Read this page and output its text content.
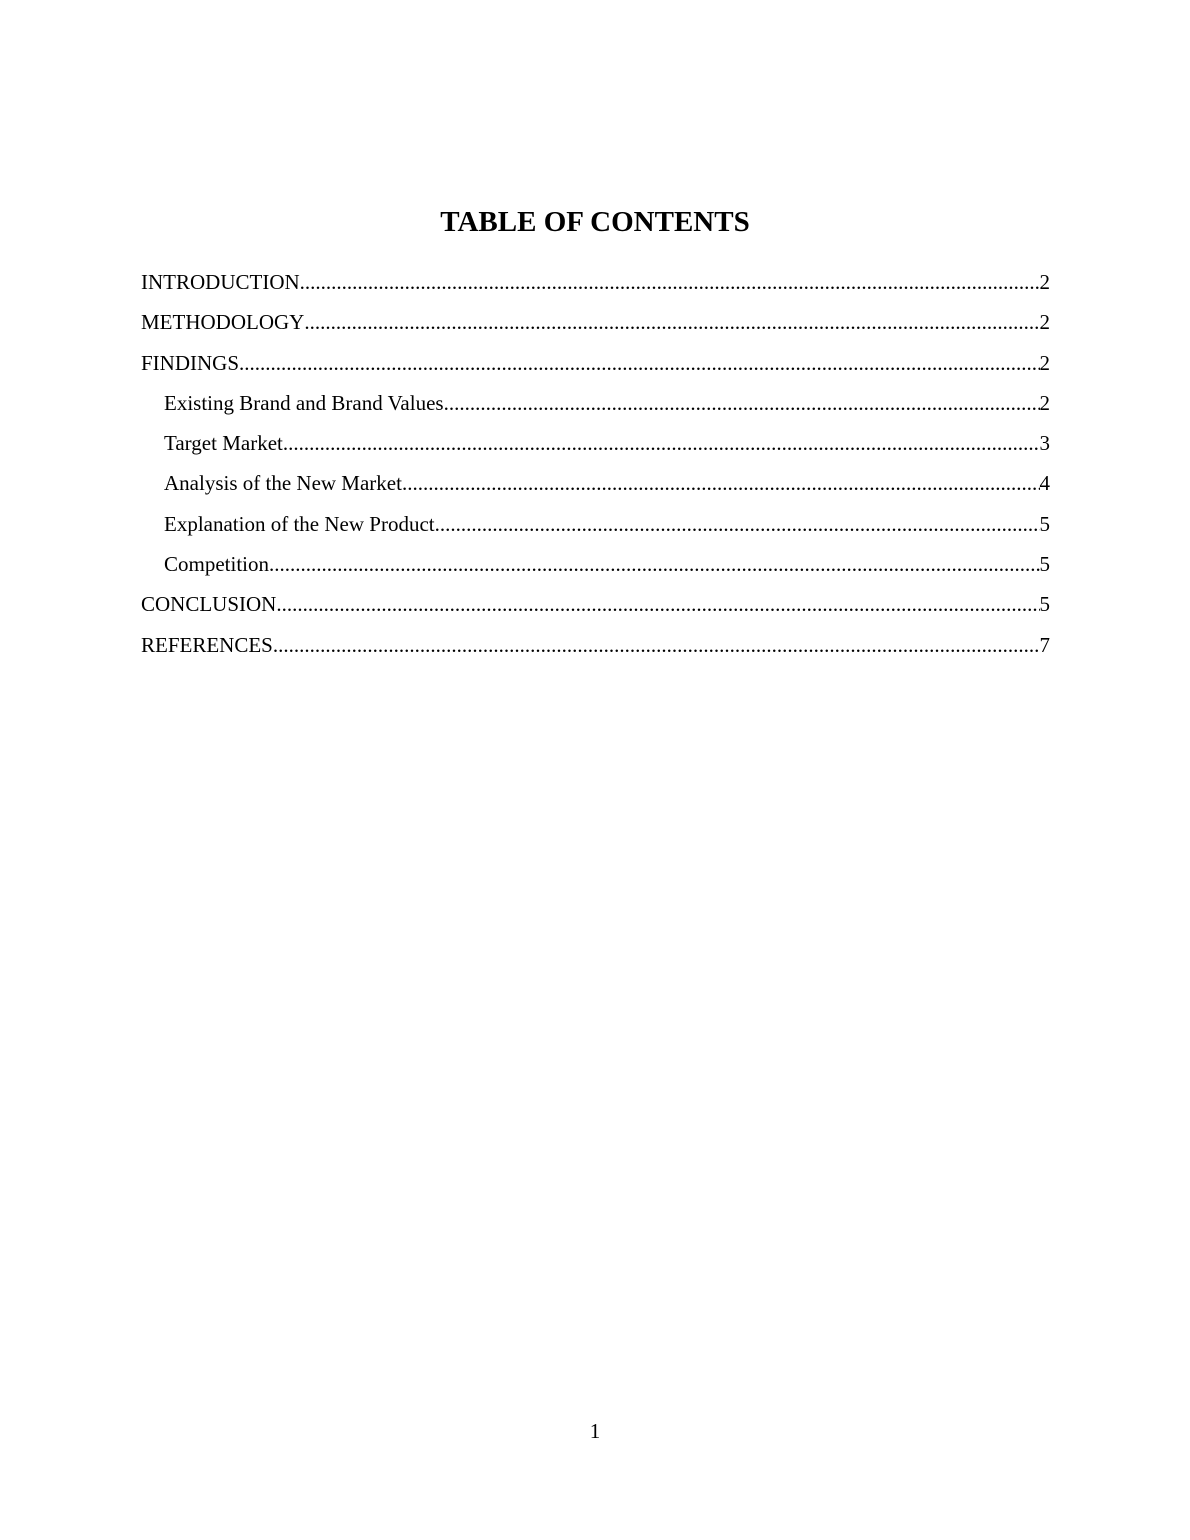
TABLE OF CONTENTS
INTRODUCTION .....	2
METHODOLOGY .....	2
FINDINGS .....	2
Existing Brand and Brand Values .....	2
Target Market .....	3
Analysis of the New Market .....	4
Explanation of the New Product .....	5
Competition .....	5
CONCLUSION .....	5
REFERENCES .....	7
1
